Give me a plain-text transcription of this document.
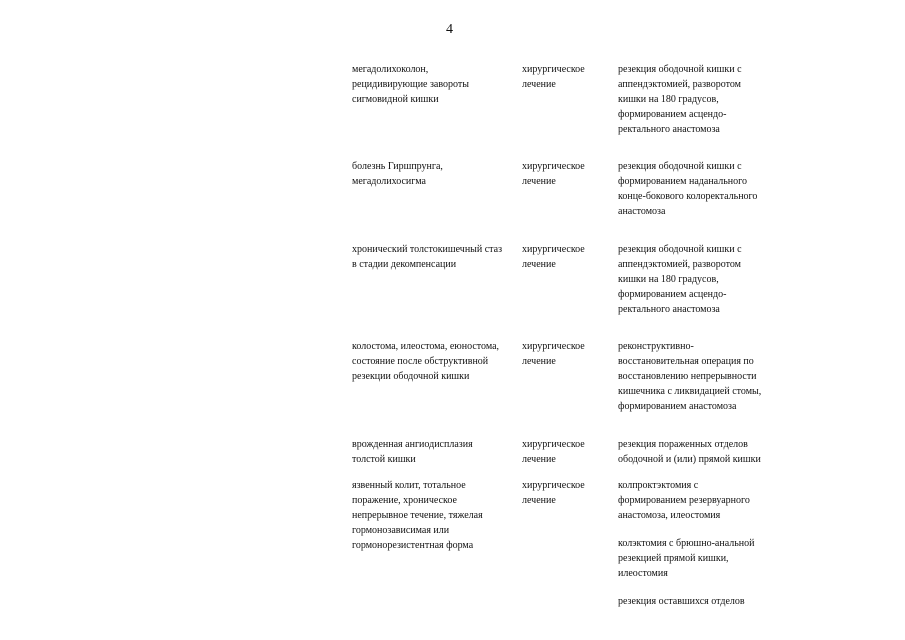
4
мегадолихоколон,
рецидивирующие завороты
сигмовидной кишки
хирургическое
лечение
резекция ободочной кишки с
аппендэктомией, разворотом
кишки на 180 градусов,
формированием асцендо-
ректального анастомоза
болезнь Гиршпрунга,
мегадолихосигма
хирургическое
лечение
резекция ободочной кишки с
формированием наданального
конце-бокового колоректального
анастомоза
хронический толстокишечный стаз
в стадии декомпенсации
хирургическое
лечение
резекция ободочной кишки с
аппендэктомией, разворотом
кишки на 180 градусов,
формированием асцендо-
ректального анастомоза
колостома, илеостома, еюностома,
состояние после обструктивной
резекции ободочной кишки
хирургическое
лечение
реконструктивно-
восстановительная операция по
восстановлению непрерывности
кишечника с ликвидацией стомы,
формированием анастомоза
врожденная ангиодисплазия
толстой кишки
хирургическое
лечение
резекция пораженных отделов
ободочной и (или) прямой кишки
язвенный колит, тотальное
поражение, хроническое
непрерывное течение, тяжелая
гормонозависимая или
гормонорезистентная форма
хирургическое
лечение
колпроктэктомия с
формированием резервуарного
анастомоза, илеостомия
колэктомия с брюшно-анальной
резекцией прямой кишки,
илеостомия
резекция оставшихся отделов
